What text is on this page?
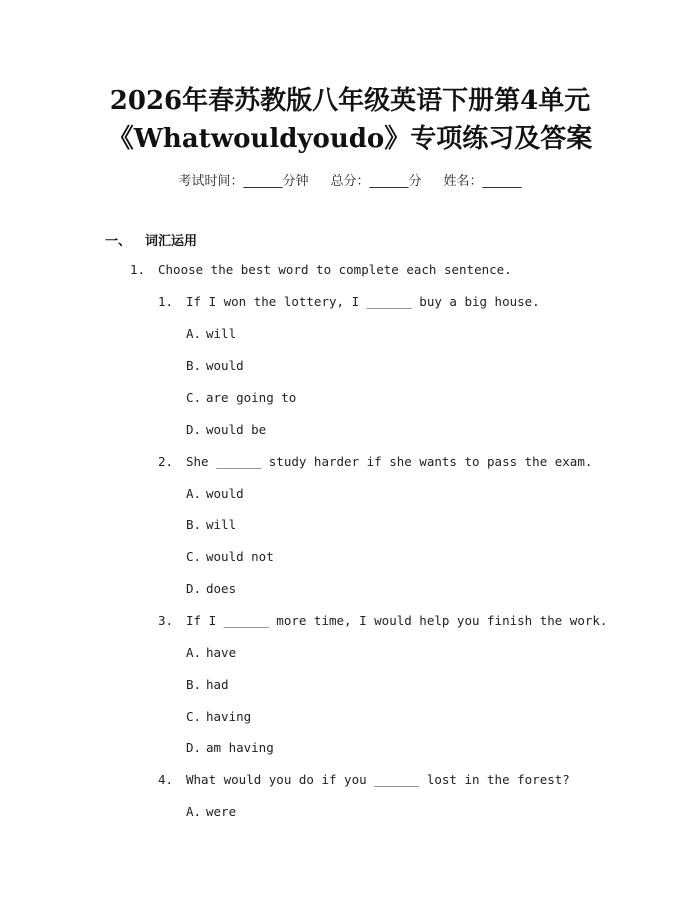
2026年春苏教版八年级英语下册第4单元
《Whatwouldyoudo》专项练习及答案
考试时间：______分钟 总分：______分 姓名：______
一、 词汇运用
1. Choose the best word to complete each sentence.
1. If I won the lottery, I ______ buy a big house.
A. will
B. would
C. are going to
D. would be
2. She ______ study harder if she wants to pass the exam.
A. would
B. will
C. would not
D. does
3. If I ______ more time, I would help you finish the work.
A. have
B. had
C. having
D. am having
4. What would you do if you ______ lost in the forest?
A. were
